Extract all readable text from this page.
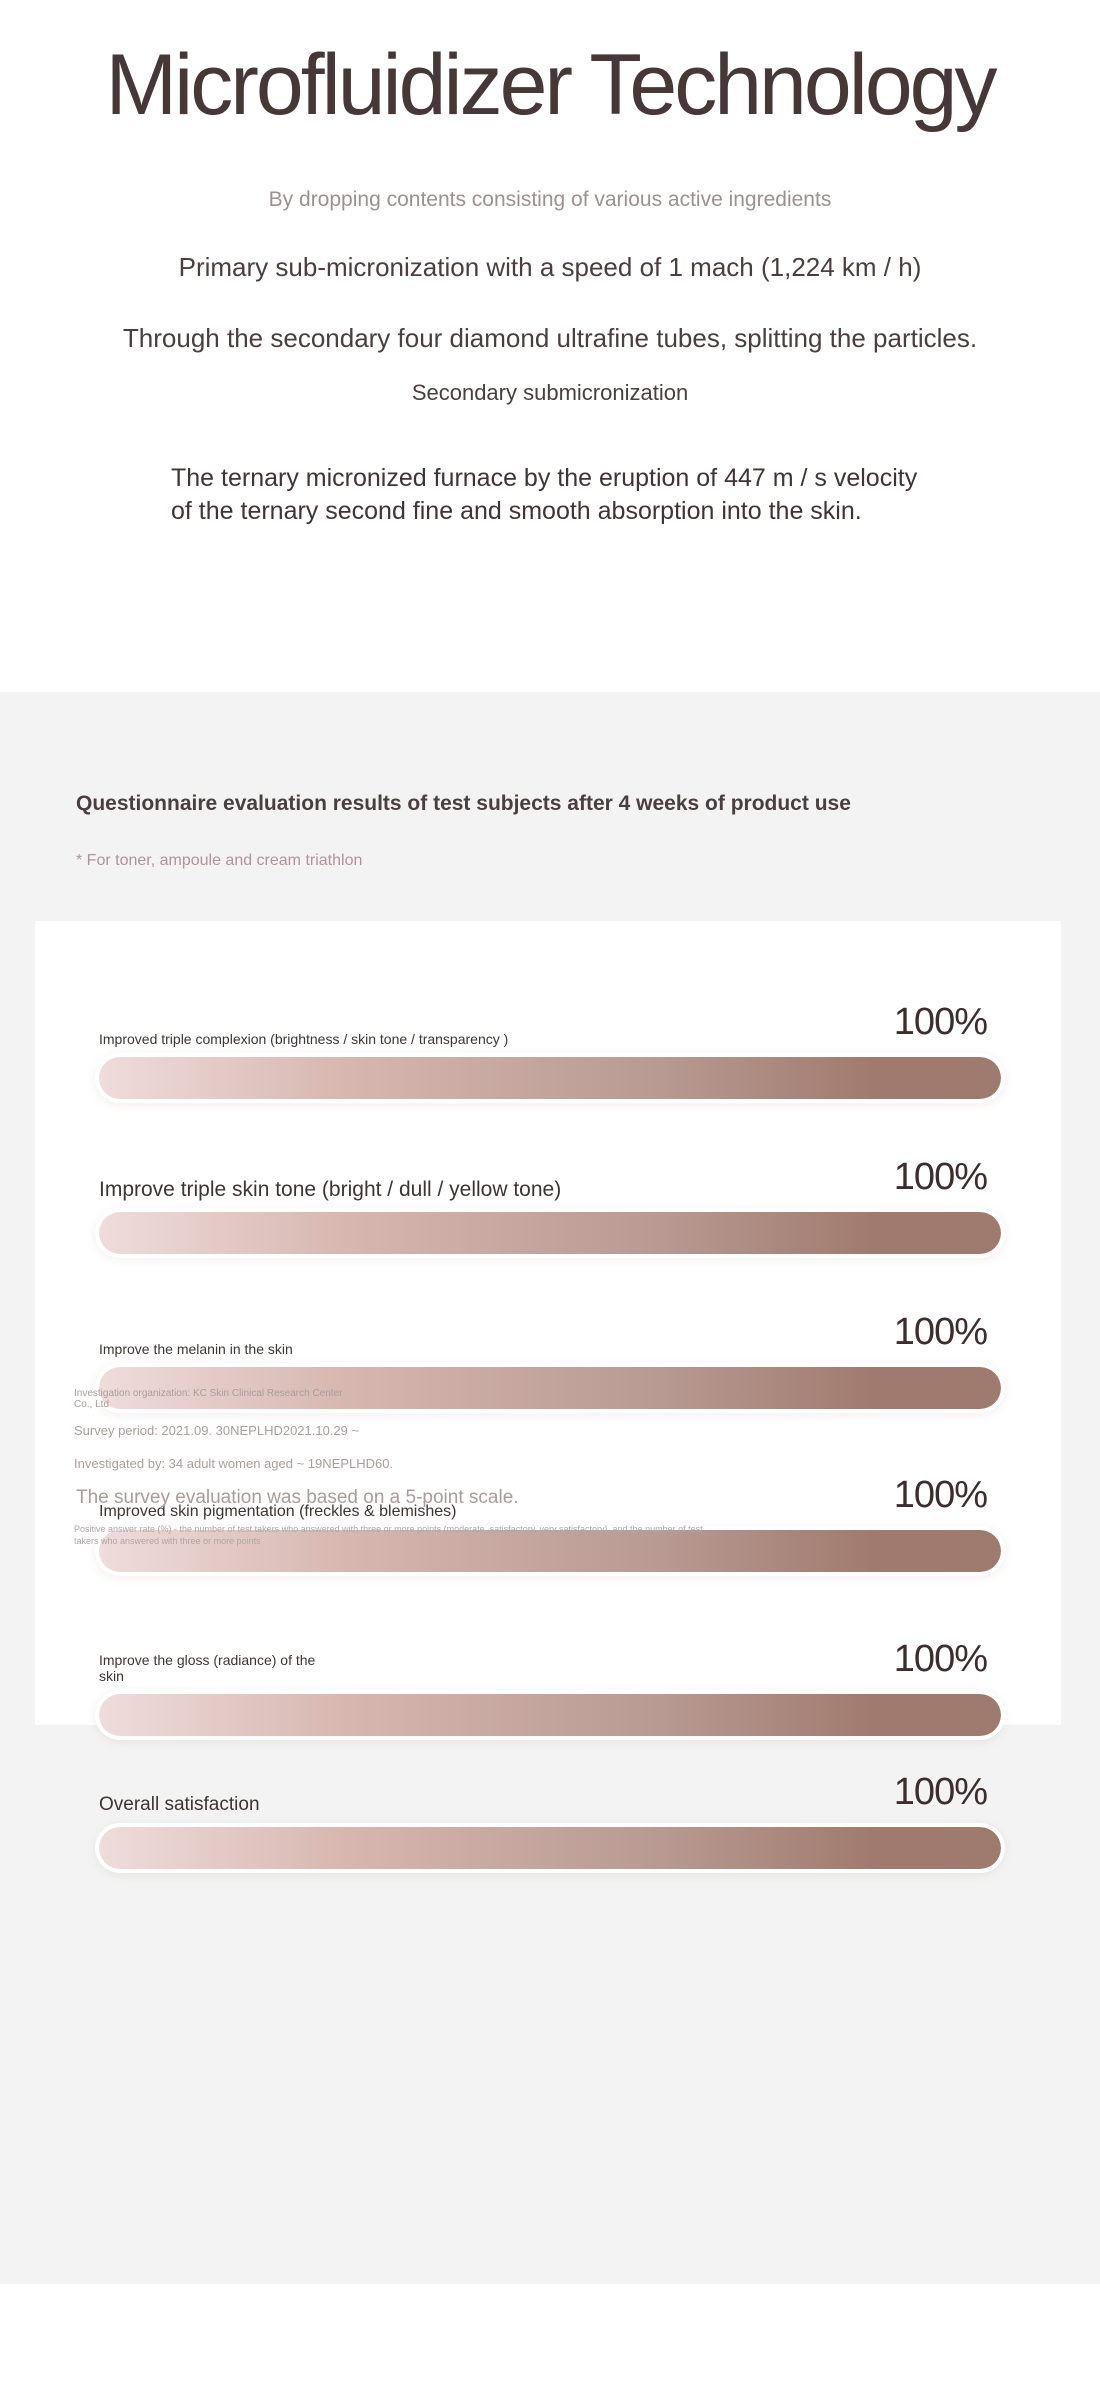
Microfluidizer Technology

By dropping contents consisting of various active ingredients

Primary sub-micronization with a speed of 1 mach (1,224 km / h)

Through the secondary four diamond ultrafine tubes, splitting the particles.

Secondary submicronization

The ternary micronized furnace by the eruption of 447 m / s velocity
of the ternary second fine and smooth absorption into the skin.
Questionnaire evaluation results of test subjects after 4 weeks of product use

* For toner, ampoule and cream triathlon

Improved triple complexion (brightness / skin tone / transparency )	100%
Improve triple skin tone (bright / dull / yellow tone)	100%
Improve the melanin in the skin	100%
Improved skin pigmentation (freckles & blemishes)	100%
Improve the gloss (radiance) of the skin	100%
Overall satisfaction	100%
Investigation organization: KC Skin Clinical Research Center Co., Ltd
Survey period: 2021.09. 30NEPLHD2021.10.29 ~
Investigated by: 34 adult women aged ~ 19NEPLHD60.
The survey evaluation was based on a 5-point scale.
Positive answer rate (%) - the number of test takers who answered with three or more points (moderate, satisfactory, very satisfactory), and the number of test takers who answered with three or more points
